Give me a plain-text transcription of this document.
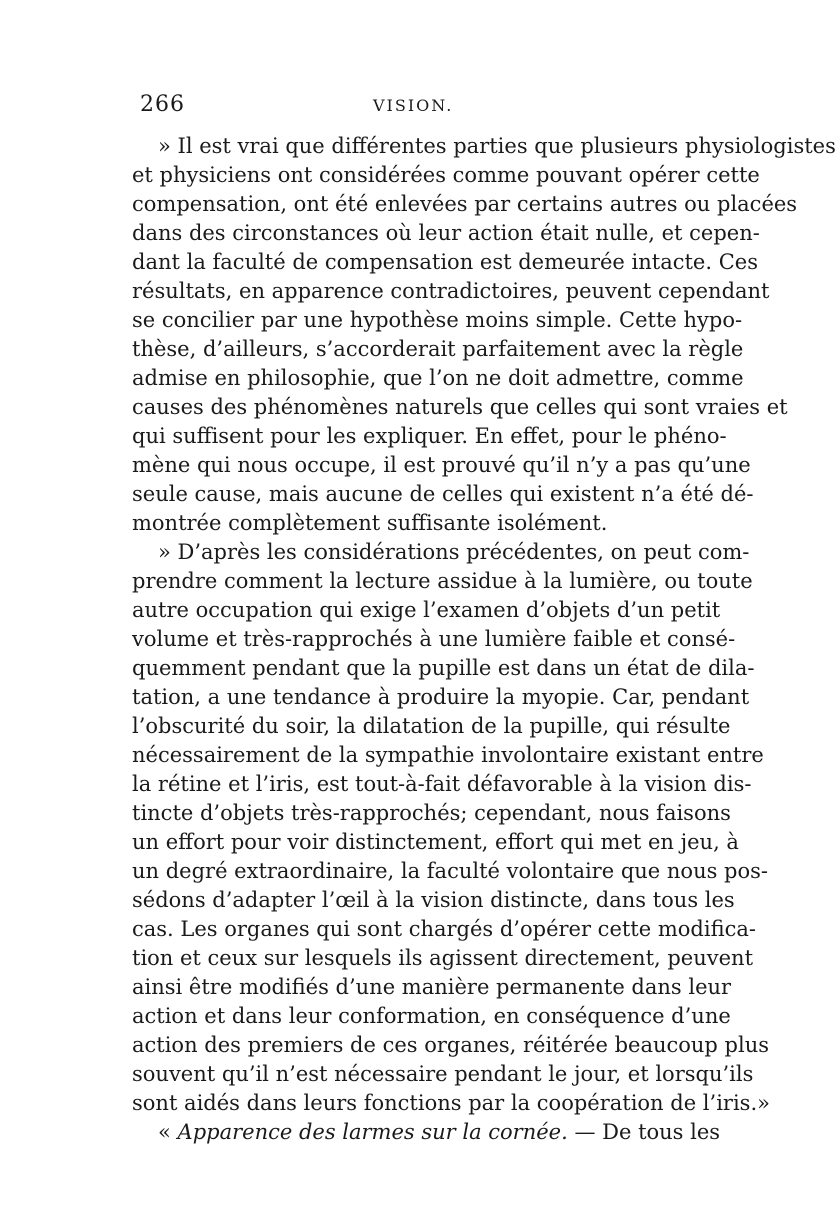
266	VISION.
» Il est vrai que différentes parties que plusieurs physiologistes
et physiciens ont considérées comme pouvant opérer cette
compensation, ont été enlevées par certains autres ou placées
dans des circonstances où leur action était nulle, et cepen-
dant la faculté de compensation est demeurée intacte. Ces
résultats, en apparence contradictoires, peuvent cependant
se concilier par une hypothèse moins simple. Cette hypo-
thèse, d’ailleurs, s’accorderait parfaitement avec la règle
admise en philosophie, que l’on ne doit admettre, comme
causes des phénomènes naturels que celles qui sont vraies et
qui suffisent pour les expliquer. En effet, pour le phéno-
mène qui nous occupe, il est prouvé qu’il n’y a pas qu’une
seule cause, mais aucune de celles qui existent n’a été dé-
montrée complètement suffisante isolément.
» D’après les considérations précédentes, on peut com-
prendre comment la lecture assidue à la lumière, ou toute
autre occupation qui exige l’examen d’objets d’un petit
volume et très-rapprochés à une lumière faible et consé-
quemment pendant que la pupille est dans un état de dila-
tation, a une tendance à produire la myopie. Car, pendant
l’obscurité du soir, la dilatation de la pupille, qui résulte
nécessairement de la sympathie involontaire existant entre
la rétine et l’iris, est tout-à-fait défavorable à la vision dis-
tincte d’objets très-rapprochés; cependant, nous faisons
un effort pour voir distinctement, effort qui met en jeu, à
un degré extraordinaire, la faculté volontaire que nous pos-
sédons d’adapter l’œil à la vision distincte, dans tous les
cas. Les organes qui sont chargés d’opérer cette modifica-
tion et ceux sur lesquels ils agissent directement, peuvent
ainsi être modifiés d’une manière permanente dans leur
action et dans leur conformation, en conséquence d’une
action des premiers de ces organes, réitérée beaucoup plus
souvent qu’il n’est nécessaire pendant le jour, et lorsqu’ils
sont aidés dans leurs fonctions par la coopération de l’iris.»
« Apparence des larmes sur la cornée. — De tous les
